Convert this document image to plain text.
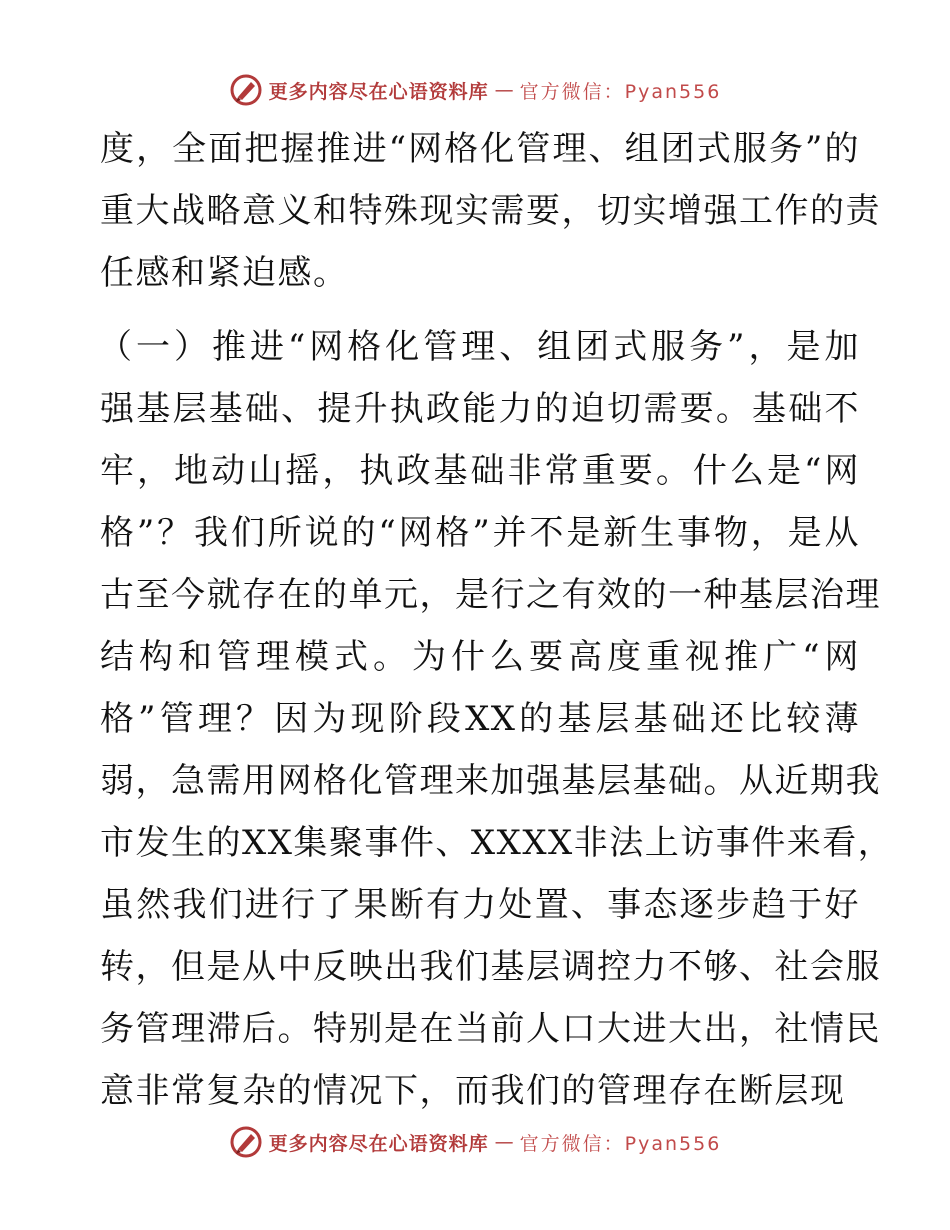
更多内容尽在心语资料库 — 官方微信：Pyan556
度，全面把握推进“网格化管理、组团式服务”的
重大战略意义和特殊现实需要，切实增强工作的责
任感和紧迫感。
（一）推进“网格化管理、组团式服务”，是加
强基层基础、提升执政能力的迫切需要。基础不
牢，地动山摇，执政基础非常重要。什么是“网
格”？我们所说的“网格”并不是新生事物，是从
古至今就存在的单元，是行之有效的一种基层治理
结构和管理模式。为什么要高度重视推广“网
格”管理？因为现阶段XX的基层基础还比较薄
弱，急需用网格化管理来加强基层基础。从近期我
市发生的XX集聚事件、XXXX非法上访事件来看，
虽然我们进行了果断有力处置、事态逐步趋于好
转，但是从中反映出我们基层调控力不够、社会服
务管理滞后。特别是在当前人口大进大出，社情民
意非常复杂的情况下，而我们的管理存在断层现
更多内容尽在心语资料库 — 官方微信：Pyan556
